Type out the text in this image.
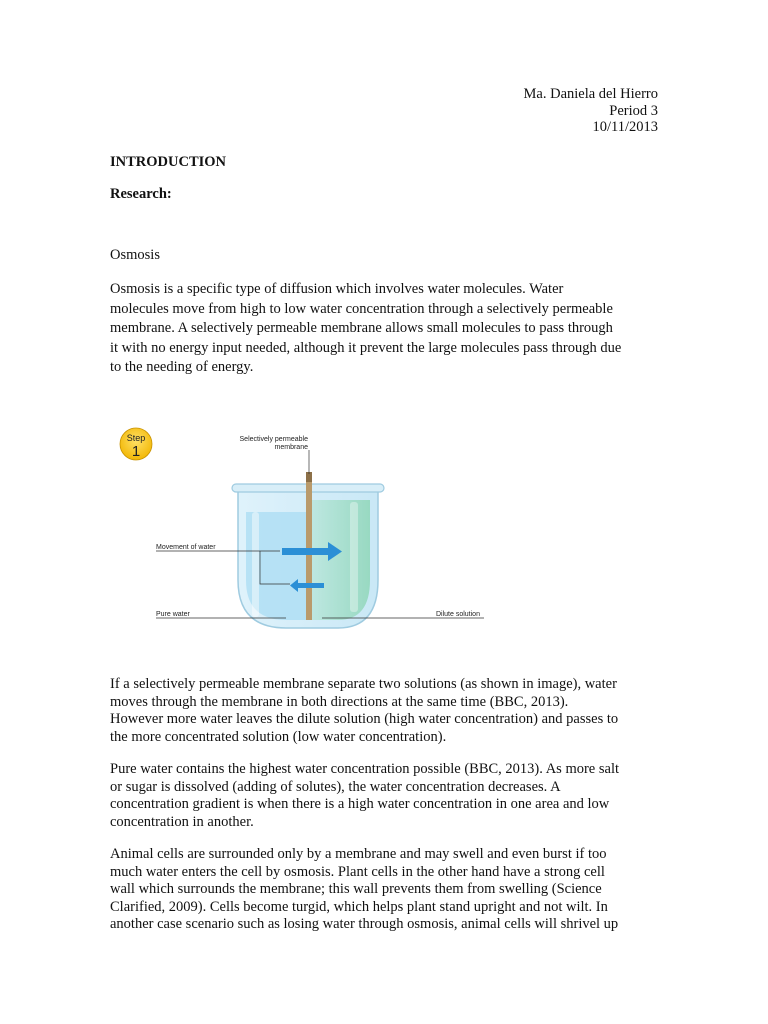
Ma. Daniela del Hierro
Period 3
10/11/2013
INTRODUCTION
Research:
Osmosis
Osmosis is a specific type of diffusion which involves water molecules. Water
molecules move from high to low water concentration through a selectively permeable
membrane. A selectively permeable membrane allows small molecules to pass through
it with no energy input needed, although it prevent the large molecules pass through due
to the needing of energy.
Step
1
Selectively permeable
membrane
Movement of water
Pure water	Dilute solution
If a selectively permeable membrane separate two solutions (as shown in image), water
moves through the membrane in both directions at the same time (BBC, 2013).
However more water leaves the dilute solution (high water concentration) and passes to
the more concentrated solution (low water concentration).
Pure water contains the highest water concentration possible (BBC, 2013). As more salt
or sugar is dissolved (adding of solutes), the water concentration decreases. A
concentration gradient is when there is a high water concentration in one area and low
concentration in another.
Animal cells are surrounded only by a membrane and may swell and even burst if too
much water enters the cell by osmosis. Plant cells in the other hand have a strong cell
wall which surrounds the membrane; this wall prevents them from swelling (Science
Clarified, 2009). Cells become turgid, which helps plant stand upright and not wilt. In
another case scenario such as losing water through osmosis, animal cells will shrivel up
